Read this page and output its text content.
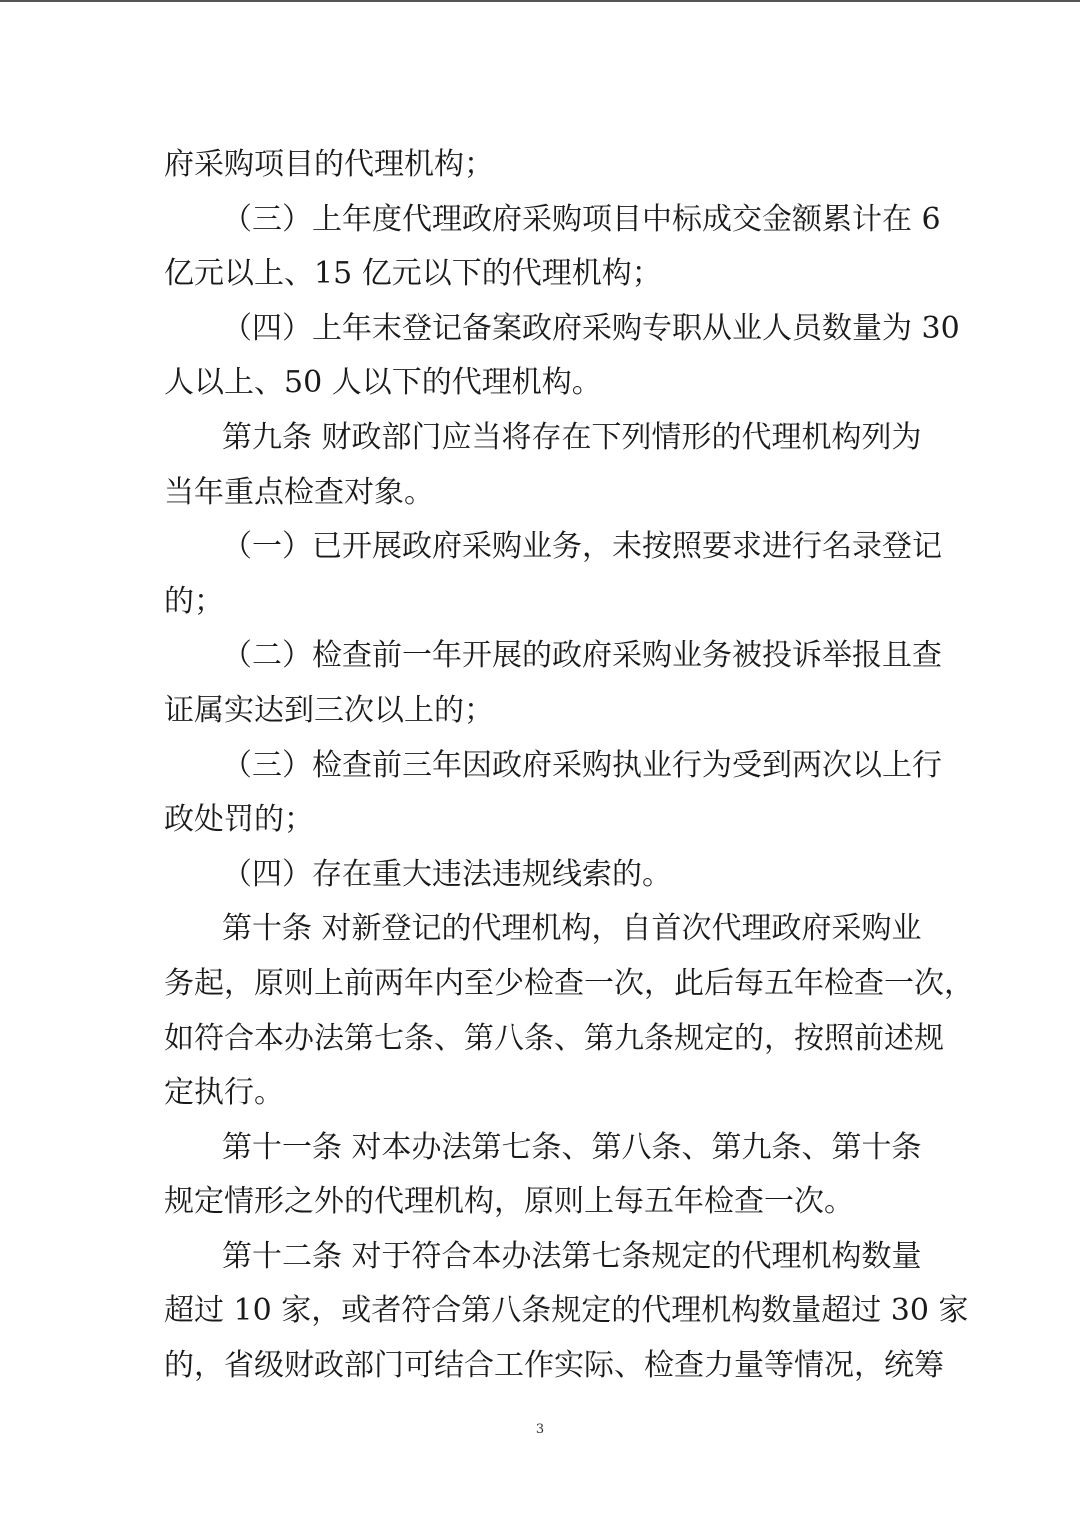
府采购项目的代理机构；

（三）上年度代理政府采购项目中标成交金额累计在 6

亿元以上、15 亿元以下的代理机构；

（四）上年末登记备案政府采购专职从业人员数量为 30

人以上、50 人以下的代理机构。

第九条 财政部门应当将存在下列情形的代理机构列为

当年重点检查对象。

（一）已开展政府采购业务，未按照要求进行名录登记

的；

（二）检查前一年开展的政府采购业务被投诉举报且查

证属实达到三次以上的；

（三）检查前三年因政府采购执业行为受到两次以上行

政处罚的；

（四）存在重大违法违规线索的。

第十条 对新登记的代理机构，自首次代理政府采购业

务起，原则上前两年内至少检查一次，此后每五年检查一次，

如符合本办法第七条、第八条、第九条规定的，按照前述规

定执行。

第十一条 对本办法第七条、第八条、第九条、第十条

规定情形之外的代理机构，原则上每五年检查一次。

第十二条 对于符合本办法第七条规定的代理机构数量

超过 10 家，或者符合第八条规定的代理机构数量超过 30 家

的，省级财政部门可结合工作实际、检查力量等情况，统筹

3
